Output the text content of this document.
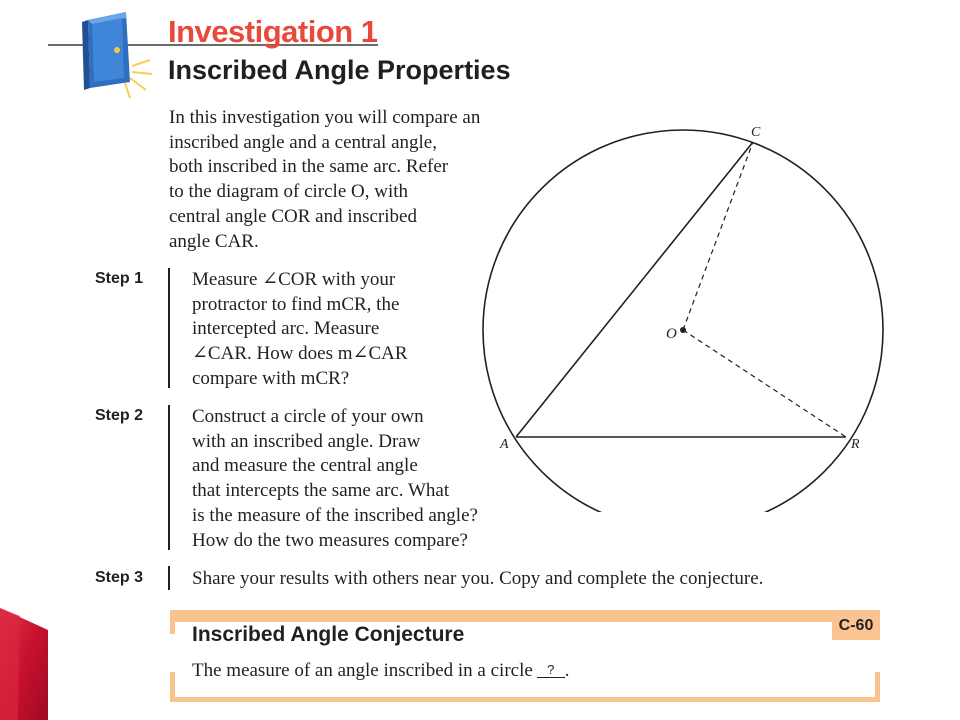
Investigation 1
Inscribed Angle Properties

In this investigation you will compare an

inscribed angle and a central angle,

both inscribed in the same arc. Refer

to the diagram of circle O, with

central angle COR and inscribed

angle CAR.

Step 1	Measure ∠COR with your

protractor to find mCR, the

intercepted arc. Measure

∠CAR. How does m∠CAR

compare with mCR?

Step 2	Construct a circle of your own

with an inscribed angle. Draw

and measure the central angle

that intercepts the same arc. What

is the measure of the inscribed angle?

How do the two measures compare?

Step 3	Share your results with others near you. Copy and complete the conjecture.

C
O
A	R
C-60
Inscribed Angle Conjecture
The measure of an angle inscribed in a circle ? .
